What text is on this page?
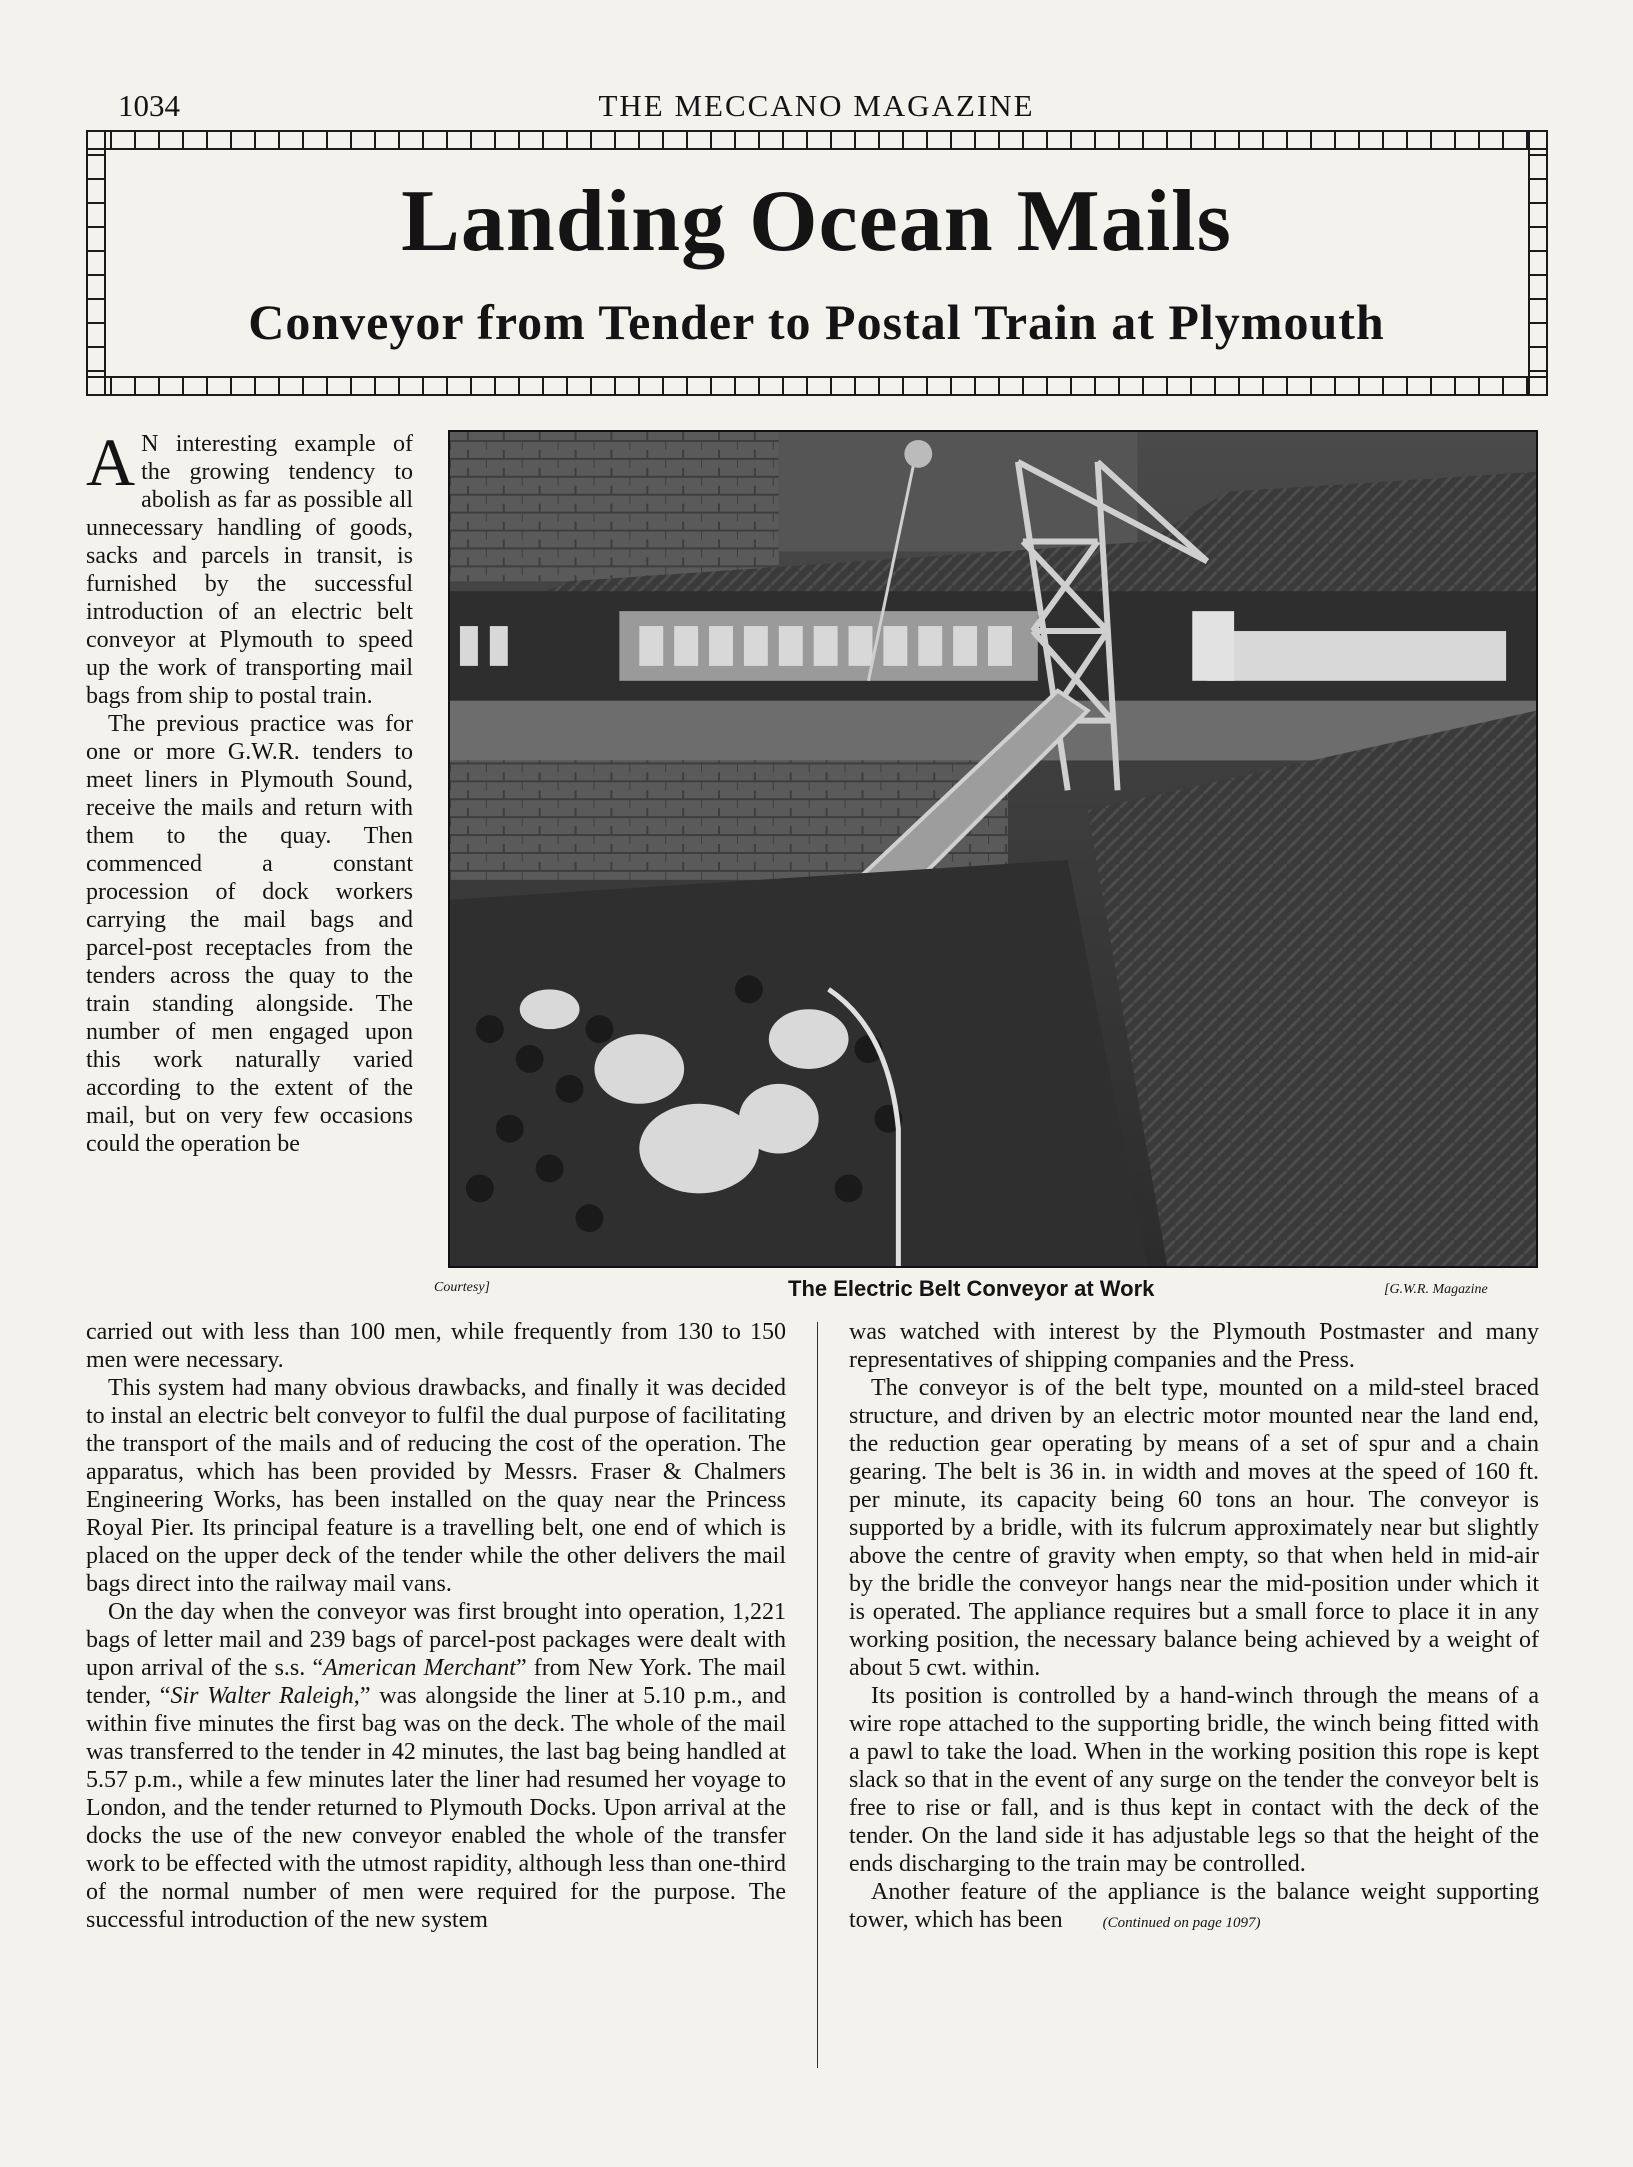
1034	THE MECCANO MAGAZINE
Landing Ocean Mails
Conveyor from Tender to Postal Train at Plymouth
Courtesy]	The Electric Belt Conveyor at Work	[G.W.R. Magazine

A N interesting example of the growing tendency to abolish as far as possible all unnecessary handling of goods, sacks and parcels in transit, is furnished by the successful introduction of an electric belt conveyor at Plymouth to speed up the work of transporting mail bags from ship to postal train.

The previous practice was for one or more G.W.R. tenders to meet liners in Plymouth Sound, receive the mails and return with them to the quay. Then commenced a constant procession of dock workers carrying the mail bags and parcel-post receptacles from the tenders across the quay to the train standing alongside. The number of men engaged upon this work naturally varied according to the extent of the mail, but on very few occasions could the operation be

carried out with less than 100 men, while frequently from 130 to 150 men were necessary.

This system had many obvious drawbacks, and finally it was decided to instal an electric belt conveyor to fulfil the dual purpose of facilitating the transport of the mails and of reducing the cost of the operation. The apparatus, which has been provided by Messrs. Fraser & Chalmers Engineering Works, has been installed on the quay near the Princess Royal Pier. Its principal feature is a travelling belt, one end of which is placed on the upper deck of the tender while the other delivers the mail bags direct into the railway mail vans.

On the day when the conveyor was first brought into operation, 1,221 bags of letter mail and 239 bags of parcel-post packages were dealt with upon arrival of the s.s. “American Merchant” from New York. The mail tender, “Sir Walter Raleigh,” was alongside the liner at 5.10 p.m., and within five minutes the first bag was on the deck. The whole of the mail was transferred to the tender in 42 minutes, the last bag being handled at 5.57 p.m., while a few minutes later the liner had resumed her voyage to London, and the tender returned to Plymouth Docks. Upon arrival at the docks the use of the new conveyor enabled the whole of the transfer work to be effected with the utmost rapidity, although less than one-third of the normal number of men were required for the purpose. The successful introduction of the new system

was watched with interest by the Plymouth Postmaster and many representatives of shipping companies and the Press.

The conveyor is of the belt type, mounted on a mild-steel braced structure, and driven by an electric motor mounted near the land end, the reduction gear operating by means of a set of spur and a chain gearing. The belt is 36 in. in width and moves at the speed of 160 ft. per minute, its capacity being 60 tons an hour. The conveyor is supported by a bridle, with its fulcrum approximately near but slightly above the centre of gravity when empty, so that when held in mid-air by the bridle the conveyor hangs near the mid-position under which it is operated. The appliance requires but a small force to place it in any working position, the necessary balance being achieved by a weight of about 5 cwt. within.

Its position is controlled by a hand-winch through the means of a wire rope attached to the supporting bridle, the winch being fitted with a pawl to take the load. When in the working position this rope is kept slack so that in the event of any surge on the tender the conveyor belt is free to rise or fall, and is thus kept in contact with the deck of the tender. On the land side it has adjustable legs so that the height of the ends discharging to the train may be controlled.

Another feature of the appliance is the balance weight supporting tower, which has been	(Continued on page 1097)
